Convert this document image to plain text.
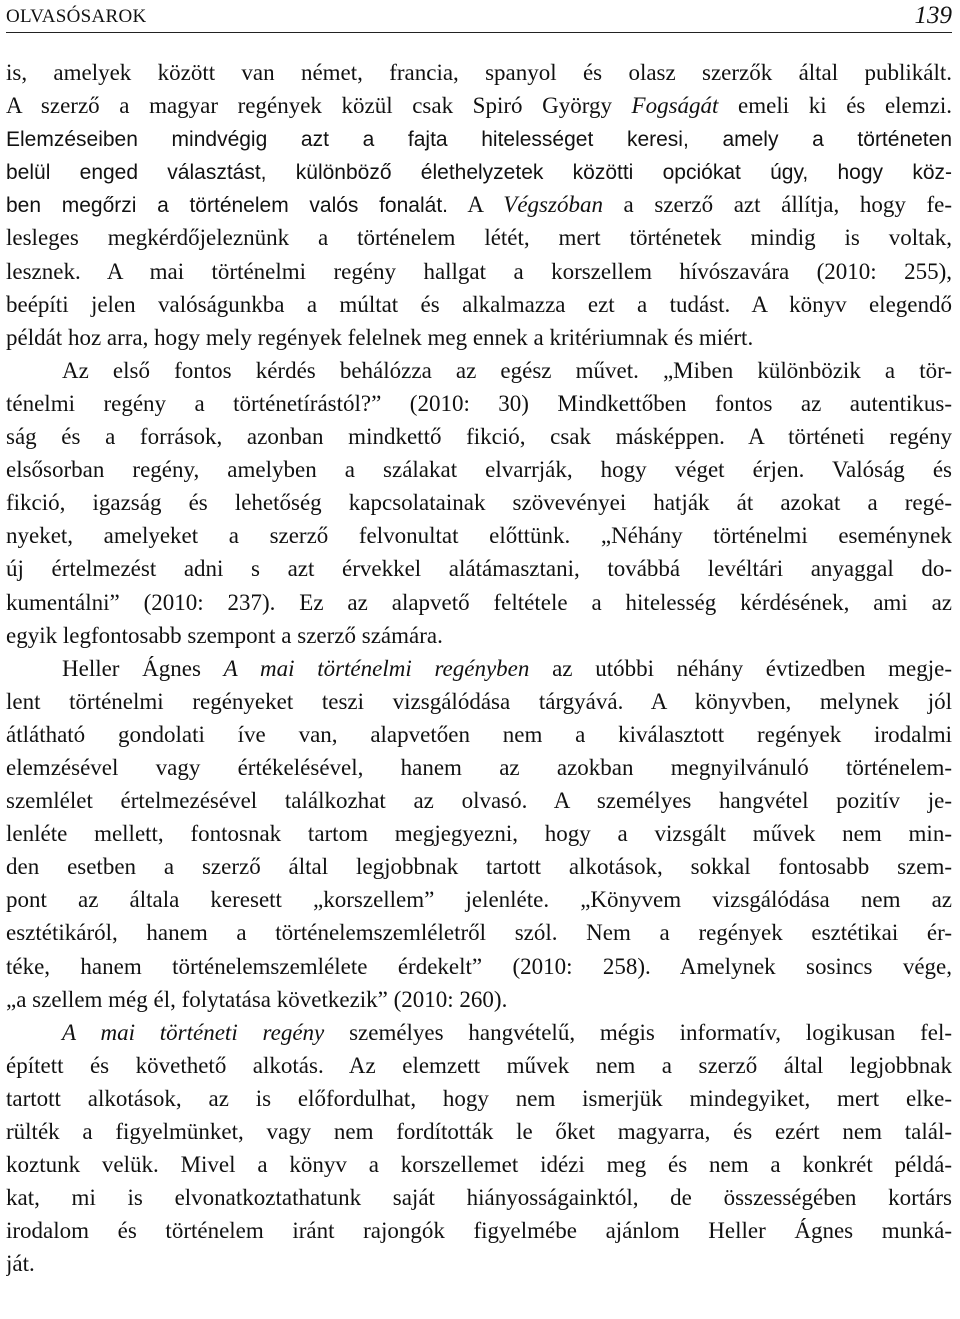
OLVASÓSAROK	139
is, amelyek között van német, francia, spanyol és olasz szerzők által publikált.
A szerző a magyar regények közül csak Spiró György Fogságát emeli ki és elemzi.
Elemzéseiben mindvégig azt a fajta hitelességet keresi, amely a történeten
belül enged választást, különböző élethelyzetek közötti opciókat úgy, hogy köz-
ben megőrzi a történelem valós fonalát. A Végszóban a szerző azt állítja, hogy fe-
lesleges megkérdőjeleznünk a történelem létét, mert történetek mindig is voltak,
lesznek. A mai történelmi regény hallgat a korszellem hívószavára (2010: 255),
beépíti jelen valóságunkba a múltat és alkalmazza ezt a tudást. A könyv elegendő
példát hoz arra, hogy mely regények felelnek meg ennek a kritériumnak és miért.
Az első fontos kérdés behálózza az egész művet. „Miben különbözik a tör-
ténelmi regény a történetírástól?” (2010: 30) Mindkettőben fontos az autentikus-
ság és a források, azonban mindkettő fikció, csak másképpen. A történeti regény
elsősorban regény, amelyben a szálakat elvarrják, hogy véget érjen. Valóság és
fikció, igazság és lehetőség kapcsolatainak szövevényei hatják át azokat a regé-
nyeket, amelyeket a szerző felvonultat előttünk. „Néhány történelmi eseménynek
új értelmezést adni s azt érvekkel alátámasztani, továbbá levéltári anyaggal do-
kumentálni” (2010: 237). Ez az alapvető feltétele a hitelesség kérdésének, ami az
egyik legfontosabb szempont a szerző számára.
Heller Ágnes A mai történelmi regényben az utóbbi néhány évtizedben megje-
lent történelmi regényeket teszi vizsgálódása tárgyává. A könyvben, melynek jól
átlátható gondolati íve van, alapvetően nem a kiválasztott regények irodalmi
elemzésével vagy értékelésével, hanem az azokban megnyilvánuló történelem-
szemlélet értelmezésével találkozhat az olvasó. A személyes hangvétel pozitív je-
lenléte mellett, fontosnak tartom megjegyezni, hogy a vizsgált művek nem min-
den esetben a szerző által legjobbnak tartott alkotások, sokkal fontosabb szem-
pont az általa keresett „korszellem” jelenléte. „Könyvem vizsgálódása nem az
esztétikáról, hanem a történelemszemléletről szól. Nem a regények esztétikai ér-
téke, hanem történelemszemlélete érdekelt” (2010: 258). Amelynek sosincs vége,
„a szellem még él, folytatása következik” (2010: 260).
A mai történeti regény személyes hangvételű, mégis informatív, logikusan fel-
épített és követhető alkotás. Az elemzett művek nem a szerző által legjobbnak
tartott alkotások, az is előfordulhat, hogy nem ismerjük mindegyiket, mert elke-
rülték a figyelmünket, vagy nem fordították le őket magyarra, és ezért nem talál-
koztunk velük. Mivel a könyv a korszellemet idézi meg és nem a konkrét példá-
kat, mi is elvonatkoztathatunk saját hiányosságainktól, de összességében kortárs
irodalom és történelem iránt rajongók figyelmébe ajánlom Heller Ágnes munká-
ját.
